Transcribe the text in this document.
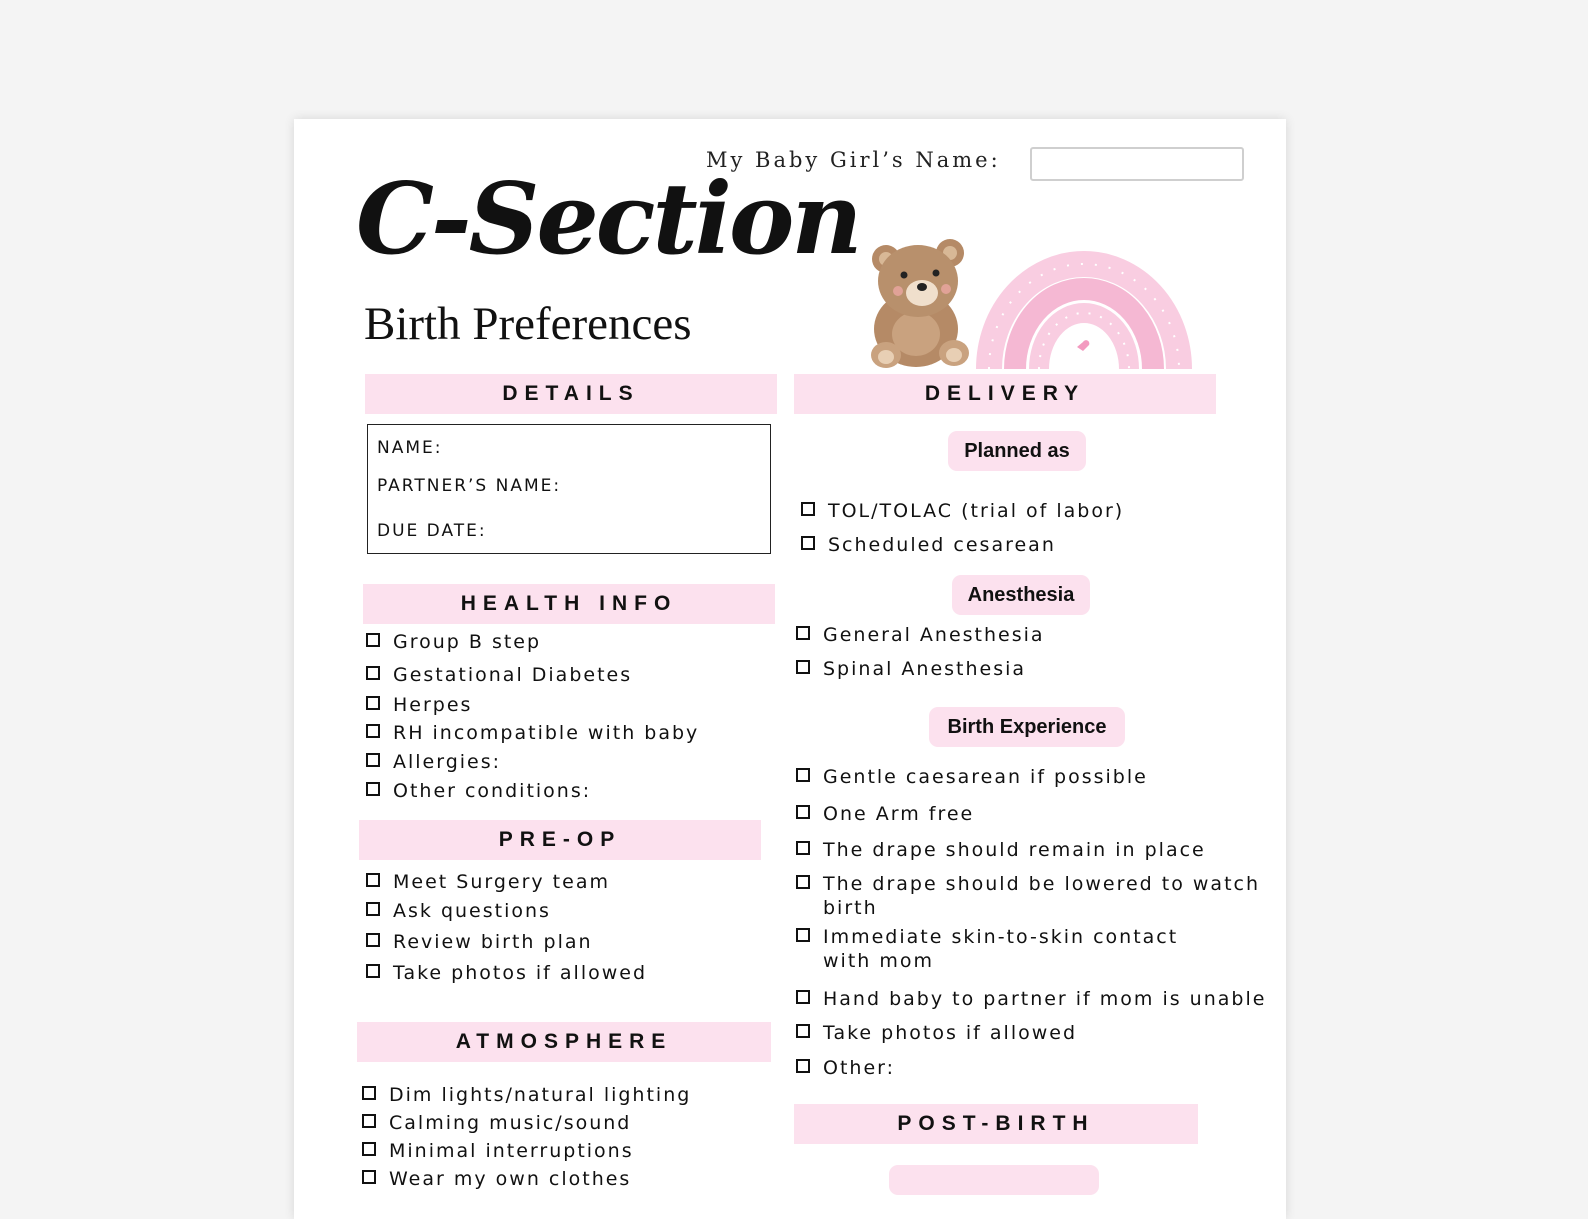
My Baby Girl’s Name:
C-Section
Birth Preferences
DETAILS
NAME:
PARTNER’S NAME:
DUE DATE:
HEALTH INFO
Group B step
Gestational Diabetes
Herpes
RH incompatible with baby
Allergies:
Other conditions:
PRE-OP
Meet Surgery team
Ask questions
Review birth plan
Take photos if allowed
ATMOSPHERE
Dim lights/natural lighting
Calming music/sound
Minimal interruptions
Wear my own clothes
DELIVERY
Planned as
TOL/TOLAC (trial of labor)
Scheduled cesarean
Anesthesia
General Anesthesia
Spinal Anesthesia
Birth Experience
Gentle caesarean if possible
One Arm free
The drape should remain in place
The drape should be lowered to watch birth
Immediate skin-to-skin contact with mom
Hand baby to partner if mom is unable
Take photos if allowed
Other:
POST-BIRTH
